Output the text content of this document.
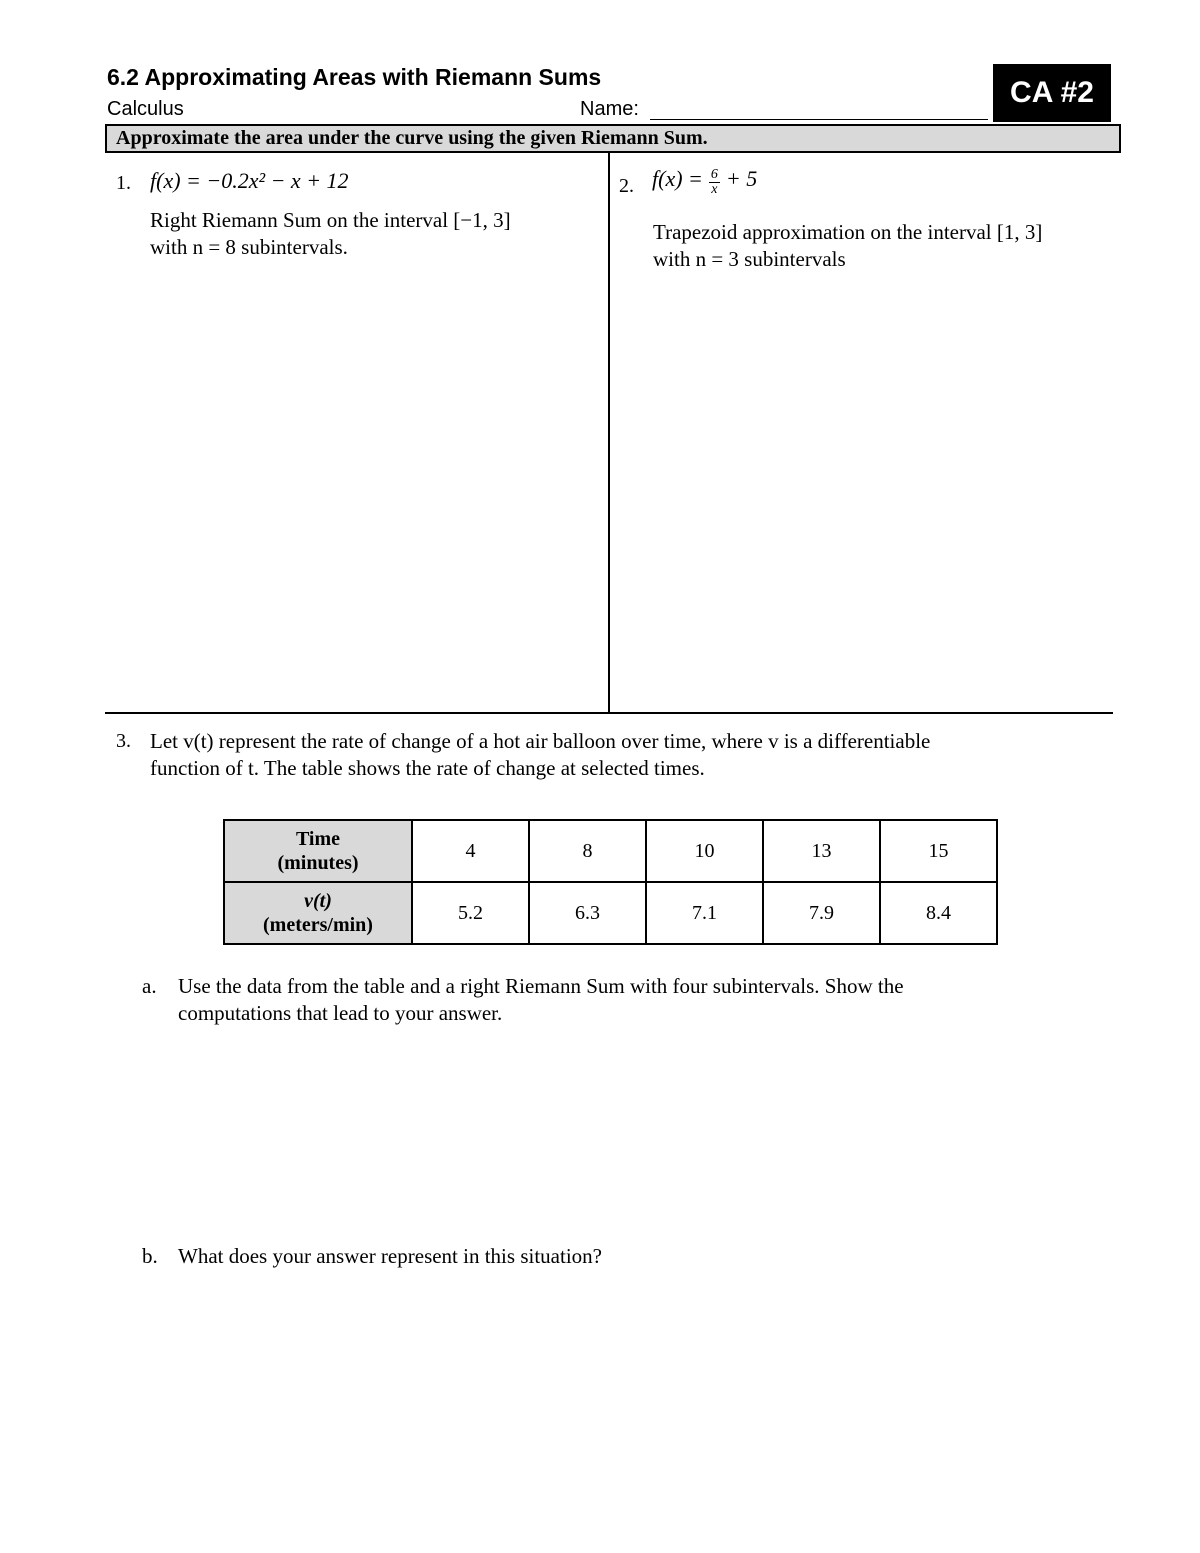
6.2 Approximating Areas with Riemann Sums
Calculus	Name:	CA #2
Approximate the area under the curve using the given Riemann Sum.
1. f(x) = −0.2x² − x + 12
Right Riemann Sum on the interval [−1, 3]
with n = 8 subintervals.
2. $f(x) = \frac{6}{x} + 5$
Trapezoid approximation on the interval [1, 3]
with n = 3 subintervals
3. Let v(t) represent the rate of change of a hot air balloon over time, where v is a differentiable
function of t. The table shows the rate of change at selected times.
Time
(minutes)	4	8	10	13	15
v(t)
(meters/min)	5.2	6.3	7.1	7.9	8.4
a. Use the data from the table and a right Riemann Sum with four subintervals. Show the
computations that lead to your answer.
b. What does your answer represent in this situation?
